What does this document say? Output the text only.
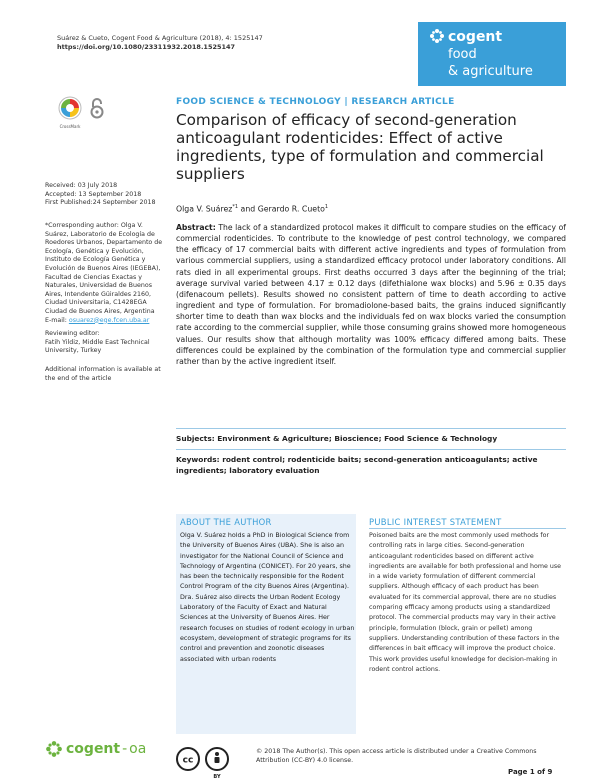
Suárez & Cueto, Cogent Food & Agriculture (2018), 4: 1525147
https://doi.org/10.1080/23311932.2018.1525147
cogent
food
& agriculture
CrossMark

Received: 03 July 2018

Accepted: 13 September 2018

First Published:24 September 2018

*Corresponding author: Olga V. Suárez, Laboratorio de Ecología de Roedores Urbanos, Departamento de Ecología, Genética y Evolución, Instituto de Ecología Genética y Evolución de Buenos Aires (IEGEBA), Facultad de Ciencias Exactas y Naturales, Universidad de Buenos Aires, Intendente Güiraldes 2160, Ciudad Universitaria, C1428EGA Ciudad de Buenos Aires, Argentina

E-mail: osuarez@ege.fcen.uba.ar

Reviewing editor:

Fatih Yildiz, Middle East Technical University, Turkey

Additional information is available at the end of the article

FOOD SCIENCE & TECHNOLOGY | RESEARCH ARTICLE
Comparison of efficacy of second-generation anticoagulant rodenticides: Effect of active ingredients, type of formulation and commercial suppliers
Olga V. Suárez$^{*1}$ and Gerardo R. Cueto$^1$
Abstract: The lack of a standardized protocol makes it difficult to compare studies on the efficacy of commercial rodenticides. To contribute to the knowledge of pest control technology, we compared the efficacy of 17 commercial baits with different active ingredients and types of formulation from various commercial suppliers, using a standardized efficacy protocol under laboratory conditions. All rats died in all experimental groups. First deaths occurred 3 days after the beginning of the trial; average survival varied between 4.17 ± 0.12 days (difethialone wax blocks) and 5.96 ± 0.35 days (difenacoum pellets). Results showed no consistent pattern of time to death according to active ingredient and type of formulation. For bromadiolone-based baits, the grains induced significantly shorter time to death than wax blocks and the individuals fed on wax blocks varied the consumption rate according to the commercial supplier, while those consuming grains showed more homogeneous values. Our results show that although mortality was 100% efficacy differed among baits. These differences could be explained by the combination of the formulation type and commercial supplier rather than by the active ingredient itself.
Subjects: Environment & Agriculture; Bioscience; Food Science & Technology
Keywords: rodent control; rodenticide baits; second-generation anticoagulants; active ingredients; laboratory evaluation
ABOUT THE AUTHOR
Olga V. Suárez holds a PhD in Biological Science from the University of Buenos Aires (UBA). She is also an investigator for the National Council of Science and Technology of Argentina (CONICET). For 20 years, she has been the technically responsible for the Rodent Control Program of the city Buenos Aires (Argentina). Dra. Suárez also directs the Urban Rodent Ecology Laboratory of the Faculty of Exact and Natural Sciences at the University of Buenos Aires. Her research focuses on studies of rodent ecology in urban ecosystem, development of strategic programs for its control and prevention and zoonotic diseases associated with urban rodents
PUBLIC INTEREST STATEMENT
Poisoned baits are the most commonly used methods for controlling rats in large cities. Second-generation anticoagulant rodenticides based on different active ingredients are available for both professional and home use in a wide variety formulation of different commercial suppliers. Although efficacy of each product has been evaluated for its commercial approval, there are no studies comparing efficacy among products using a standardized protocol. The commercial products may vary in their active principle, formulation (block, grain or pellet) among suppliers. Understanding contribution of these factors in the differences in bait efficacy will improve the product choice. This work provides useful knowledge for decision-making in rodent control actions.
cogent - oa
cc
BY
© 2018 The Author(s). This open access article is distributed under a Creative Commons Attribution (CC-BY) 4.0 license.
Page 1 of 9
